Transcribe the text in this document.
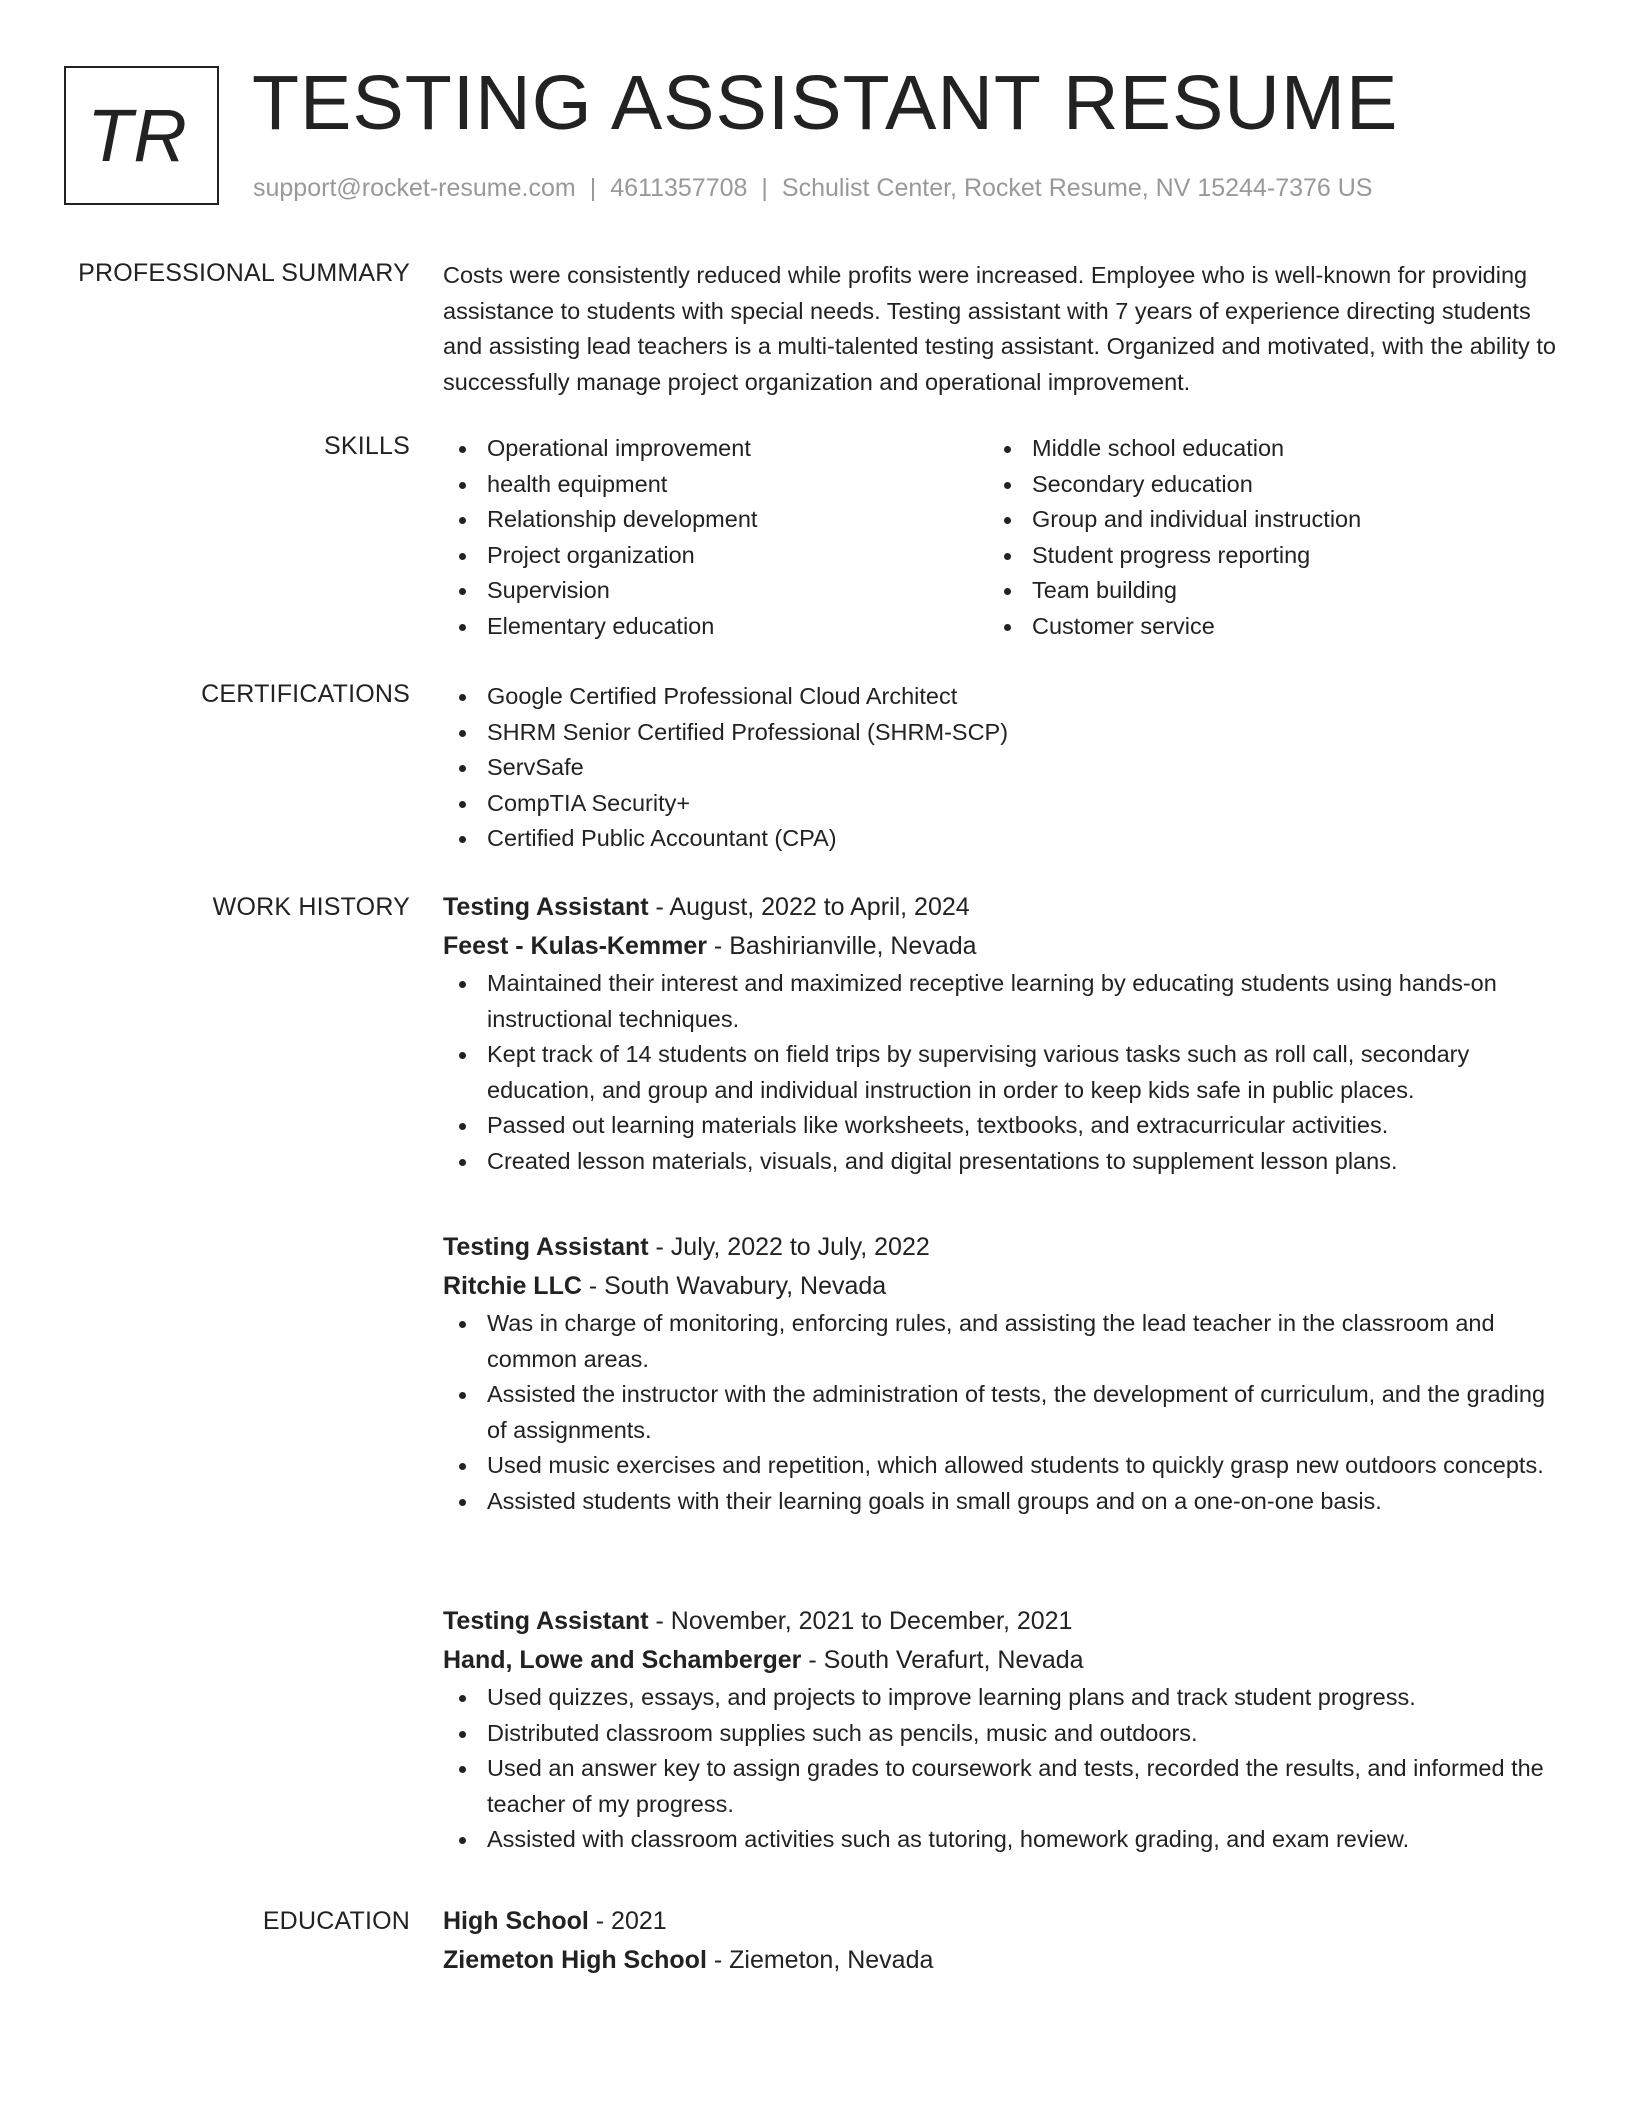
TR TESTING ASSISTANT RESUME
support@rocket-resume.com | 4611357708 | Schulist Center, Rocket Resume, NV 15244-7376 US
PROFESSIONAL SUMMARY Costs were consistently reduced while profits were increased. Employee who is well-known for providing assistance to students with special needs. Testing assistant with 7 years of experience directing students and assisting lead teachers is a multi-talented testing assistant. Organized and motivated, with the ability to successfully manage project organization and operational improvement.

SKILLS	Operational improvement
health equipment
Relationship development
Project organization
Supervision
Elementary education
Middle school education
Secondary education
Group and individual instruction
Student progress reporting
Team building
Customer service
CERTIFICATIONS	Google Certified Professional Cloud Architect
SHRM Senior Certified Professional (SHRM-SCP)
ServSafe
CompTIA Security+
Certified Public Accountant (CPA)
WORK HISTORY Testing Assistant - August, 2022 to April, 2024
Feest - Kulas-Kemmer - Bashirianville, Nevada
Maintained their interest and maximized receptive learning by educating students using hands-on instructional techniques.
Kept track of 14 students on field trips by supervising various tasks such as roll call, secondary education, and group and individual instruction in order to keep kids safe in public places.
Passed out learning materials like worksheets, textbooks, and extracurricular activities.
Created lesson materials, visuals, and digital presentations to supplement lesson plans.
Testing Assistant - July, 2022 to July, 2022
Ritchie LLC - South Wavabury, Nevada
Was in charge of monitoring, enforcing rules, and assisting the lead teacher in the classroom and common areas.
Assisted the instructor with the administration of tests, the development of curriculum, and the grading of assignments.
Used music exercises and repetition, which allowed students to quickly grasp new outdoors concepts.
Assisted students with their learning goals in small groups and on a one-on-one basis.
Testing Assistant - November, 2021 to December, 2021
Hand, Lowe and Schamberger - South Verafurt, Nevada
Used quizzes, essays, and projects to improve learning plans and track student progress.
Distributed classroom supplies such as pencils, music and outdoors.
Used an answer key to assign grades to coursework and tests, recorded the results, and informed the teacher of my progress.
Assisted with classroom activities such as tutoring, homework grading, and exam review.
EDUCATION High School - 2021
Ziemeton High School - Ziemeton, Nevada
